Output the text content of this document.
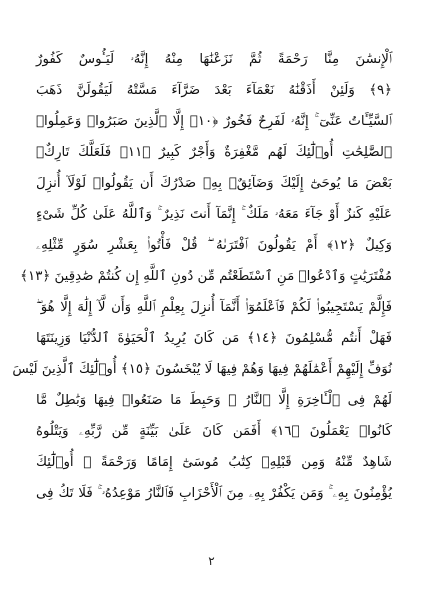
ٱلْإِنسَٰنَ مِنَّا رَحْمَةً ثُمَّ نَزَعْنَٰهَا مِنْهُ إِنَّهُۥ لَيَـُٔوسٌ كَفُورٌ
﴿٩﴾ وَلَئِنْ أَذَقْنَٰهُ نَعْمَآءَ بَعْدَ ضَرَّآءَ مَسَّتْهُ لَيَقُولَنَّ ذَهَبَ
ٱلسَّيِّـَٔاتُ عَنِّىٓ ۚ إِنَّهُۥ لَفَرِحٌ فَخُورٌ ﴿١٠﴾ إِلَّا ٱلَّذِينَ صَبَرُوا۟ وَعَمِلُوا۟
ٱلصَّٰلِحَٰتِ أُو۟لَٰٓئِكَ لَهُم مَّغْفِرَةٌ وَأَجْرٌ كَبِيرٌ ﴿١١﴾ فَلَعَلَّكَ تَارِكٌۢ
بَعْضَ مَا يُوحَىٰٓ إِلَيْكَ وَضَآئِقٌۢ بِهِۦ صَدْرُكَ أَن يَقُولُوا۟ لَوْلَآ أُنزِلَ
عَلَيْهِ كَنزٌ أَوْ جَآءَ مَعَهُۥ مَلَكٌ ۚ إِنَّمَآ أَنتَ نَذِيرٌ ۚ وَٱللَّهُ عَلَىٰ كُلِّ شَىْءٍ
وَكِيلٌ ﴿١٢﴾ أَمْ يَقُولُونَ ٱفْتَرَىٰهُ ۖ قُلْ فَأْتُوا۟ بِعَشْرِ سُوَرٍ مِّثْلِهِۦ
مُفْتَرَيَٰتٍ وَٱدْعُوا۟ مَنِ ٱسْتَطَعْتُم مِّن دُونِ ٱللَّهِ إِن كُنتُمْ صَٰدِقِينَ ﴿١٣﴾
فَإِلَّمْ يَسْتَجِيبُوا۟ لَكُمْ فَٱعْلَمُوٓا۟ أَنَّمَآ أُنزِلَ بِعِلْمِ ٱللَّهِ وَأَن لَّآ إِلَٰهَ إِلَّا هُوَ ۖ
فَهَلْ أَنتُم مُّسْلِمُونَ ﴿١٤﴾ مَن كَانَ يُرِيدُ ٱلْحَيَوٰةَ ٱلدُّنْيَا وَزِينَتَهَا
نُوَفِّ إِلَيْهِمْ أَعْمَٰلَهُمْ فِيهَا وَهُمْ فِيهَا لَا يُبْخَسُونَ ﴿١٥﴾ أُو۟لَٰٓئِكَ ٱلَّذِينَ لَيْسَ
لَهُمْ فِى ٱلْـَٔاخِرَةِ إِلَّا ٱلنَّارُ ۖ وَحَبِطَ مَا صَنَعُوا۟ فِيهَا وَبَٰطِلٌ مَّا
كَانُوا۟ يَعْمَلُونَ ﴿١٦﴾ أَفَمَن كَانَ عَلَىٰ بَيِّنَةٍ مِّن رَّبِّهِۦ وَيَتْلُوهُ
شَاهِدٌ مِّنْهُ وَمِن قَبْلِهِۦ كِتَٰبُ مُوسَىٰٓ إِمَامًا وَرَحْمَةً ۚ أُو۟لَٰٓئِكَ
يُؤْمِنُونَ بِهِۦ ۚ وَمَن يَكْفُرْ بِهِۦ مِنَ ٱلْأَحْزَابِ فَٱلنَّارُ مَوْعِدُهُۥ ۚ فَلَا تَكُ فِى
٢
